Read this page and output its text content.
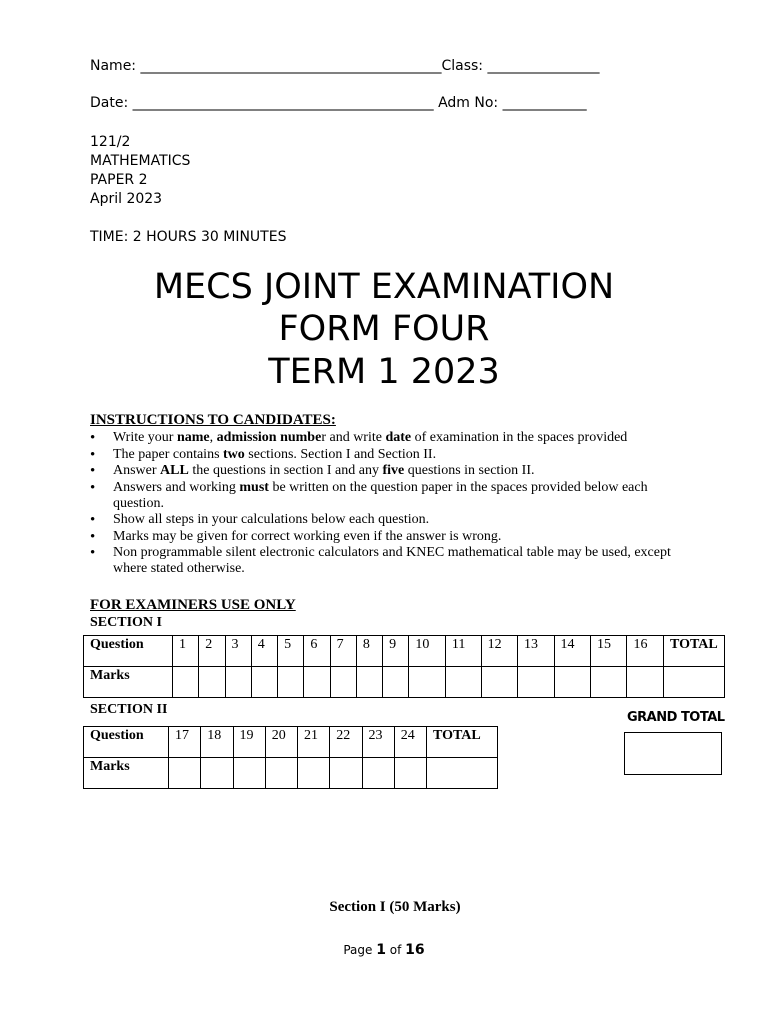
Name: ___________________________________________Class: ________________
Date: ___________________________________________ Adm No: ____________
121/2
MATHEMATICS
PAPER 2
April 2023
TIME: 2 HOURS 30 MINUTES
MECS JOINT EXAMINATION
FORM FOUR
TERM 1 2023
INSTRUCTIONS TO CANDIDATES:
• Write your name, admission number and write date of examination in the spaces provided
• The paper contains two sections. Section I and Section II.
• Answer ALL the questions in section I and any five questions in section II.
• Answers and working must be written on the question paper in the spaces provided below each question.
• Show all steps in your calculations below each question.
• Marks may be given for correct working even if the answer is wrong.
• Non programmable silent electronic calculators and KNEC mathematical table may be used, except where stated otherwise.
FOR EXAMINERS USE ONLY
SECTION I
Question	1	2	3	4	5	6	7	8	9	10	11	12	13	14	15	16	TOTAL
Marks																	
SECTION II
Question	17	18	19	20	21	22	23	24	TOTAL
Marks									
GRAND TOTAL
Section I (50 Marks)
Page 1 of 16
